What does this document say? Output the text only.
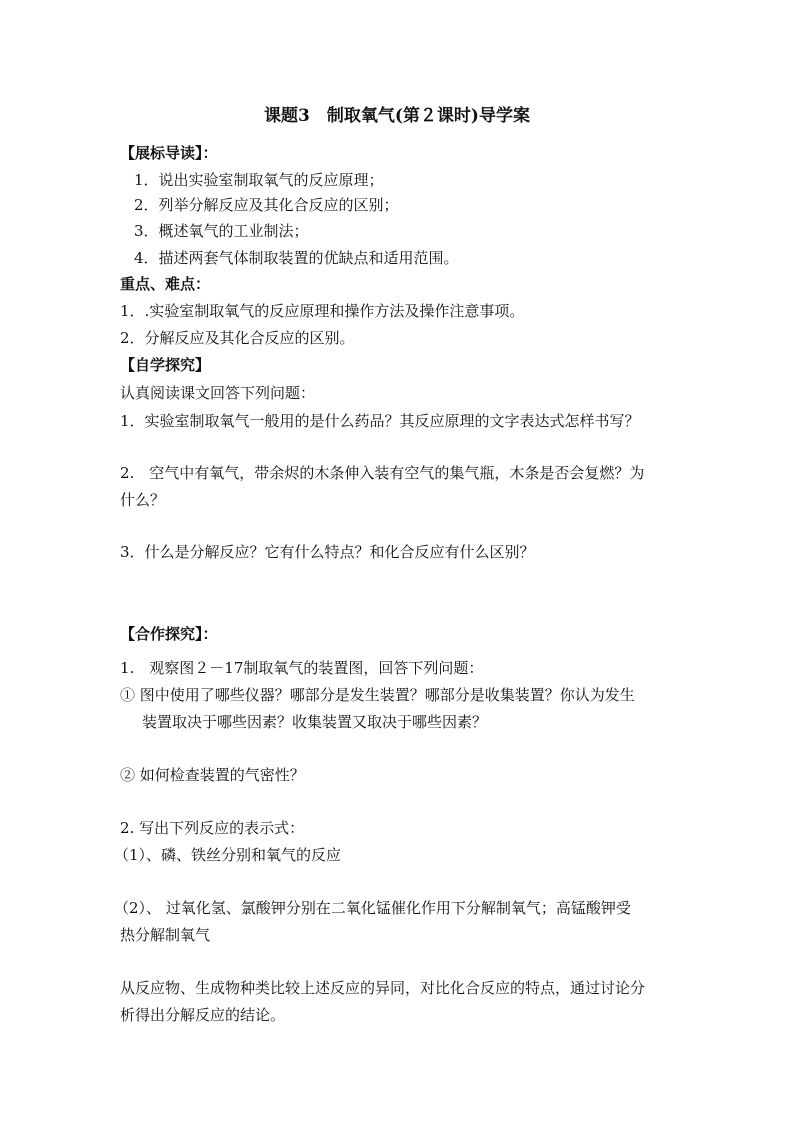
课题3　制取氧气(第２课时)导学案
【展标导读】：
1．说出实验室制取氧气的反应原理；
2．列举分解反应及其化合反应的区别；
3．概述氧气的工业制法；
4．描述两套气体制取装置的优缺点和适用范围。
重点、难点：
1．.实验室制取氧气的反应原理和操作方法及操作注意事项。
2．分解反应及其化合反应的区别。
【自学探究】
认真阅读课文回答下列问题：
1．实验室制取氧气一般用的是什么药品？其反应原理的文字表达式怎样书写？
2.　空气中有氧气，带余烬的木条伸入装有空气的集气瓶，木条是否会复燃？为
什么？
3．什么是分解反应？它有什么特点？和化合反应有什么区别？
【合作探究】：
1.　观察图２－17制取氧气的装置图，回答下列问题：
① 图中使用了哪些仪器？哪部分是发生装置？哪部分是收集装置？你认为发生
装置取决于哪些因素？收集装置又取决于哪些因素？
② 如何检查装置的气密性？
2. 写出下列反应的表示式：
（1）、磷、铁丝分别和氧气的反应
（2）、 过氧化氢、氯酸钾分别在二氧化锰催化作用下分解制氧气；高锰酸钾受
热分解制氧气
从反应物、生成物种类比较上述反应的异同，对比化合反应的特点，通过讨论分
析得出分解反应的结论。
